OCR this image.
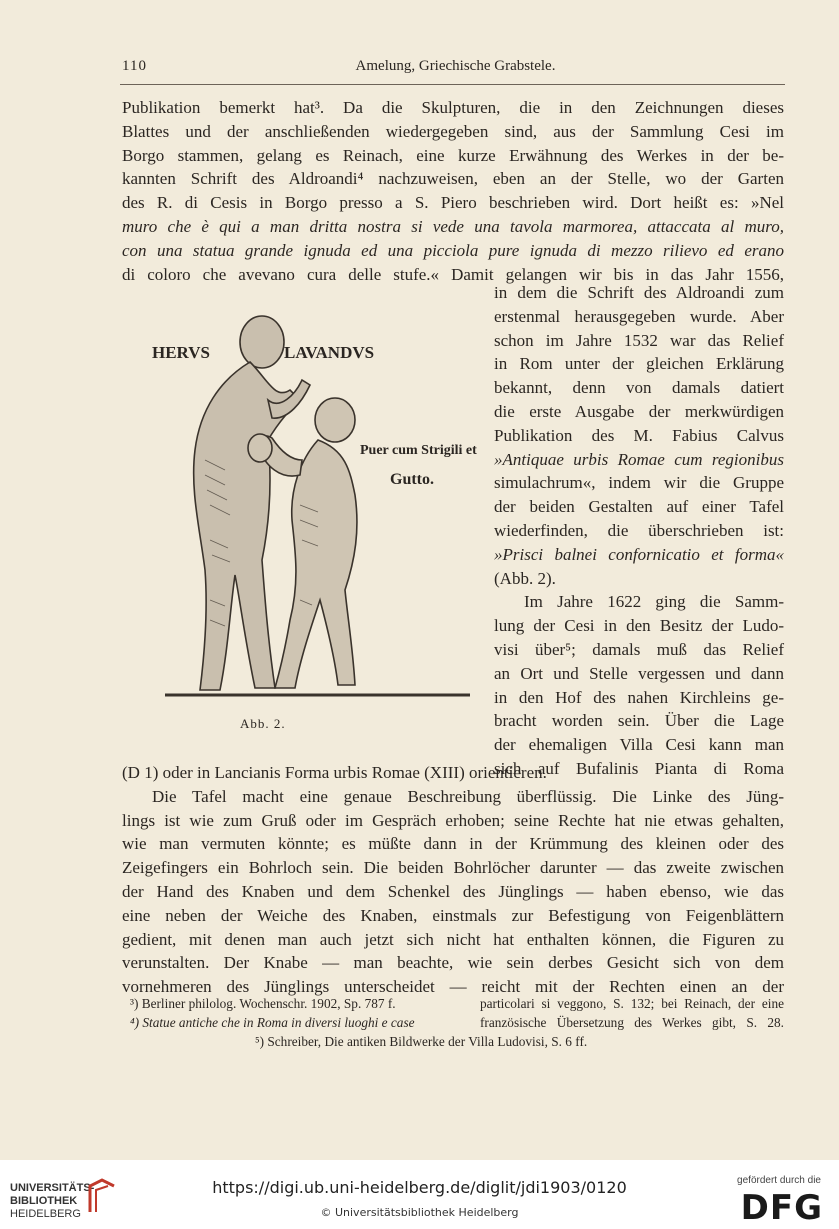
110	Amelung, Griechische Grabstele.
Publikation bemerkt hat³. Da die Skulpturen, die in den Zeichnungen dieses
Blattes und der anschließenden wiedergegeben sind, aus der Sammlung Cesi im
Borgo stammen, gelang es Reinach, eine kurze Erwähnung des Werkes in der be-
kannten Schrift des Aldroandi⁴ nachzuweisen, eben an der Stelle, wo der Garten
des R. di Cesis in Borgo presso a S. Piero beschrieben wird. Dort heißt es: »Nel
muro che è qui a man dritta nostra si vede una tavola marmorea, attaccata al muro,
con una statua grande ignuda ed una picciola pure ignuda di mezzo rilievo ed erano
di coloro che avevano cura delle stufe.« Damit gelangen wir bis in das Jahr 1556,
in dem die Schrift des Aldroandi zum
erstenmal herausgegeben wurde. Aber
schon im Jahre 1532 war das Relief
in Rom unter der gleichen Erklärung
bekannt, denn von damals datiert
die erste Ausgabe der merkwürdigen
Publikation des M. Fabius Calvus
»Antiquae urbis Romae cum regionibus
simulachrum«, indem wir die Gruppe
der beiden Gestalten auf einer Tafel
wiederfinden, die überschrieben ist:
»Prisci balnei confornicatio et forma«
(Abb. 2).
Im Jahre 1622 ging die Samm-
lung der Cesi in den Besitz der Ludo-
visi über⁵; damals muß das Relief
an Ort und Stelle vergessen und dann
in den Hof des nahen Kirchleins ge-
bracht worden sein. Über die Lage
der ehemaligen Villa Cesi kann man
sich auf Bufalinis Pianta di Roma
HERVS	LAVANDVS
Puer cum Strigili et
Gutto.
Abb. 2.
(D 1) oder in Lancianis Forma urbis Romae (XIII) orientieren.
Die Tafel macht eine genaue Beschreibung überflüssig. Die Linke des Jüng-
lings ist wie zum Gruß oder im Gespräch erhoben; seine Rechte hat nie etwas gehalten,
wie man vermuten könnte; es müßte dann in der Krümmung des kleinen oder des
Zeigefingers ein Bohrloch sein. Die beiden Bohrlöcher darunter — das zweite zwischen
der Hand des Knaben und dem Schenkel des Jünglings — haben ebenso, wie das
eine neben der Weiche des Knaben, einstmals zur Befestigung von Feigenblättern
gedient, mit denen man auch jetzt sich nicht hat enthalten können, die Figuren zu
verunstalten. Der Knabe — man beachte, wie sein derbes Gesicht sich von dem
vornehmeren des Jünglings unterscheidet — reicht mit der Rechten einen an der
³) Berliner philolog. Wochenschr. 1902, Sp. 787 f.
⁴) Statue antiche che in Roma in diversi luoghi e case
particolari si veggono, S. 132; bei Reinach, der eine
französische Übersetzung des Werkes gibt, S. 28.
⁵) Schreiber, Die antiken Bildwerke der Villa Ludovisi, S. 6 ff.
UNIVERSITÄTS-
BIBLIOTHEK
HEIDELBERG
https://digi.ub.uni-heidelberg.de/diglit/jdi1903/0120
© Universitätsbibliothek Heidelberg
gefördert durch die
DFG
